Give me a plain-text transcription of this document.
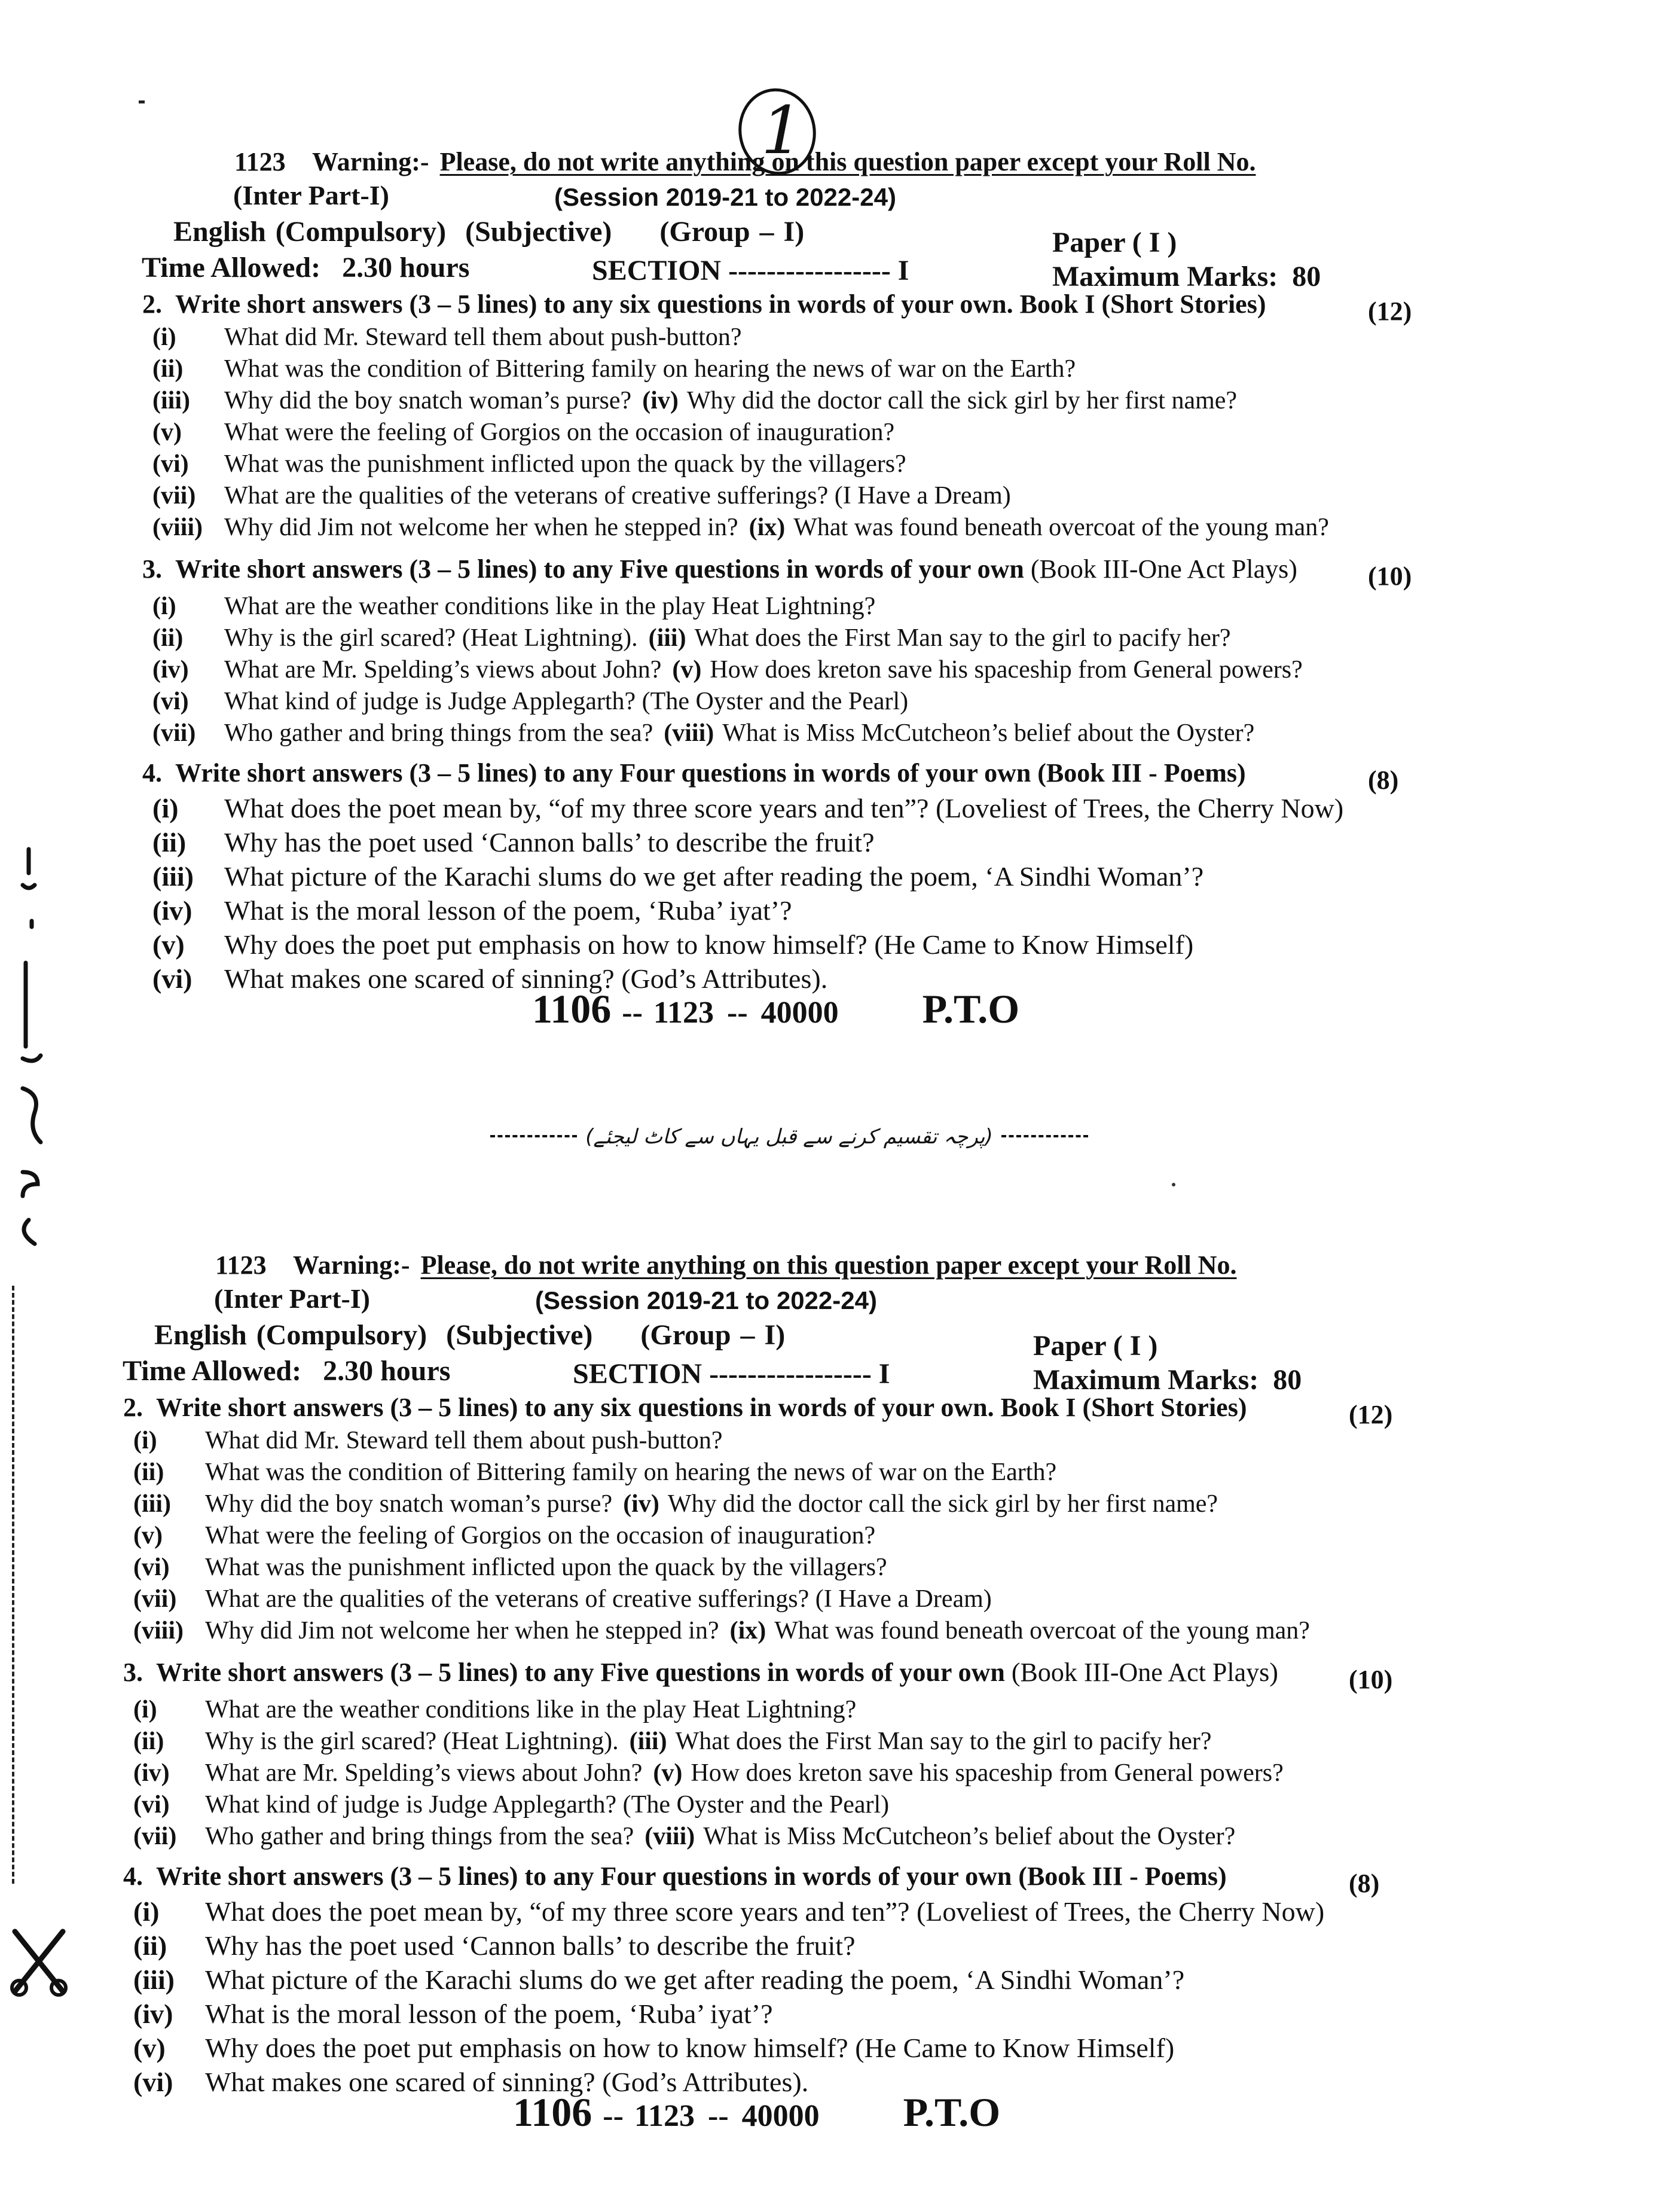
1123 Warning:- Please, do not write anything on this question paper except your Roll No.
(Inter Part-I)	(Session 2019-21 to 2022-24)
English (Compulsory) (Subjective) (Group – I)	Paper ( I )
Time Allowed: 2.30 hours	SECTION ----------------- I	Maximum Marks: 80
2. Write short answers (3 – 5 lines) to any six questions in words of your own. Book I (Short Stories)	(12)
(i) What did Mr. Steward tell them about push-button?
(ii) What was the condition of Bittering family on hearing the news of war on the Earth?
(iii) Why did the boy snatch woman’s purse? (iv) Why did the doctor call the sick girl by her first name?
(v) What were the feeling of Gorgios on the occasion of inauguration?
(vi) What was the punishment inflicted upon the quack by the villagers?
(vii) What are the qualities of the veterans of creative sufferings? (I Have a Dream)
(viii) Why did Jim not welcome her when he stepped in? (ix) What was found beneath overcoat of the young man?
3. Write short answers (3 – 5 lines) to any Five questions in words of your own (Book III-One Act Plays)	(10)
(i) What are the weather conditions like in the play Heat Lightning?
(ii) Why is the girl scared? (Heat Lightning). (iii) What does the First Man say to the girl to pacify her?
(iv) What are Mr. Spelding’s views about John? (v) How does kreton save his spaceship from General powers?
(vi) What kind of judge is Judge Applegarth? (The Oyster and the Pearl)
(vii) Who gather and bring things from the sea? (viii) What is Miss McCutcheon’s belief about the Oyster?
4. Write short answers (3 – 5 lines) to any Four questions in words of your own (Book III - Poems)	(8)
(i) What does the poet mean by, “of my three score years and ten”? (Loveliest of Trees, the Cherry Now)
(ii) Why has the poet used ‘Cannon balls’ to describe the fruit?
(iii) What picture of the Karachi slums do we get after reading the poem, ‘A Sindhi Woman’?
(iv) What is the moral lesson of the poem, ‘Ruba’ iyat’?
(v) Why does the poet put emphasis on how to know himself? (He Came to Know Himself)
(vi) What makes one scared of sinning? (God’s Attributes).
1106 -- 1123 -- 40000 P.T.O
1123 Warning:- Please, do not write anything on this question paper except your Roll No.
(Inter Part-I)	(Session 2019-21 to 2022-24)
English (Compulsory) (Subjective) (Group – I)	Paper ( I )
Time Allowed: 2.30 hours	SECTION ----------------- I	Maximum Marks: 80
2. Write short answers (3 – 5 lines) to any six questions in words of your own. Book I (Short Stories)	(12)
(i) What did Mr. Steward tell them about push-button?
(ii) What was the condition of Bittering family on hearing the news of war on the Earth?
(iii) Why did the boy snatch woman’s purse? (iv) Why did the doctor call the sick girl by her first name?
(v) What were the feeling of Gorgios on the occasion of inauguration?
(vi) What was the punishment inflicted upon the quack by the villagers?
(vii) What are the qualities of the veterans of creative sufferings? (I Have a Dream)
(viii) Why did Jim not welcome her when he stepped in? (ix) What was found beneath overcoat of the young man?
3. Write short answers (3 – 5 lines) to any Five questions in words of your own (Book III-One Act Plays)	(10)
(i) What are the weather conditions like in the play Heat Lightning?
(ii) Why is the girl scared? (Heat Lightning). (iii) What does the First Man say to the girl to pacify her?
(iv) What are Mr. Spelding’s views about John? (v) How does kreton save his spaceship from General powers?
(vi) What kind of judge is Judge Applegarth? (The Oyster and the Pearl)
(vii) Who gather and bring things from the sea? (viii) What is Miss McCutcheon’s belief about the Oyster?
4. Write short answers (3 – 5 lines) to any Four questions in words of your own (Book III - Poems)	(8)
(i) What does the poet mean by, “of my three score years and ten”? (Loveliest of Trees, the Cherry Now)
(ii) Why has the poet used ‘Cannon balls’ to describe the fruit?
(iii) What picture of the Karachi slums do we get after reading the poem, ‘A Sindhi Woman’?
(iv) What is the moral lesson of the poem, ‘Ruba’ iyat’?
(v) Why does the poet put emphasis on how to know himself? (He Came to Know Himself)
(vi) What makes one scared of sinning? (God’s Attributes).
1106 -- 1123 -- 40000 P.T.O
1
(پرچہ تقسیم کرنے سے قبل یہاں سے کاٹ لیجئے)
